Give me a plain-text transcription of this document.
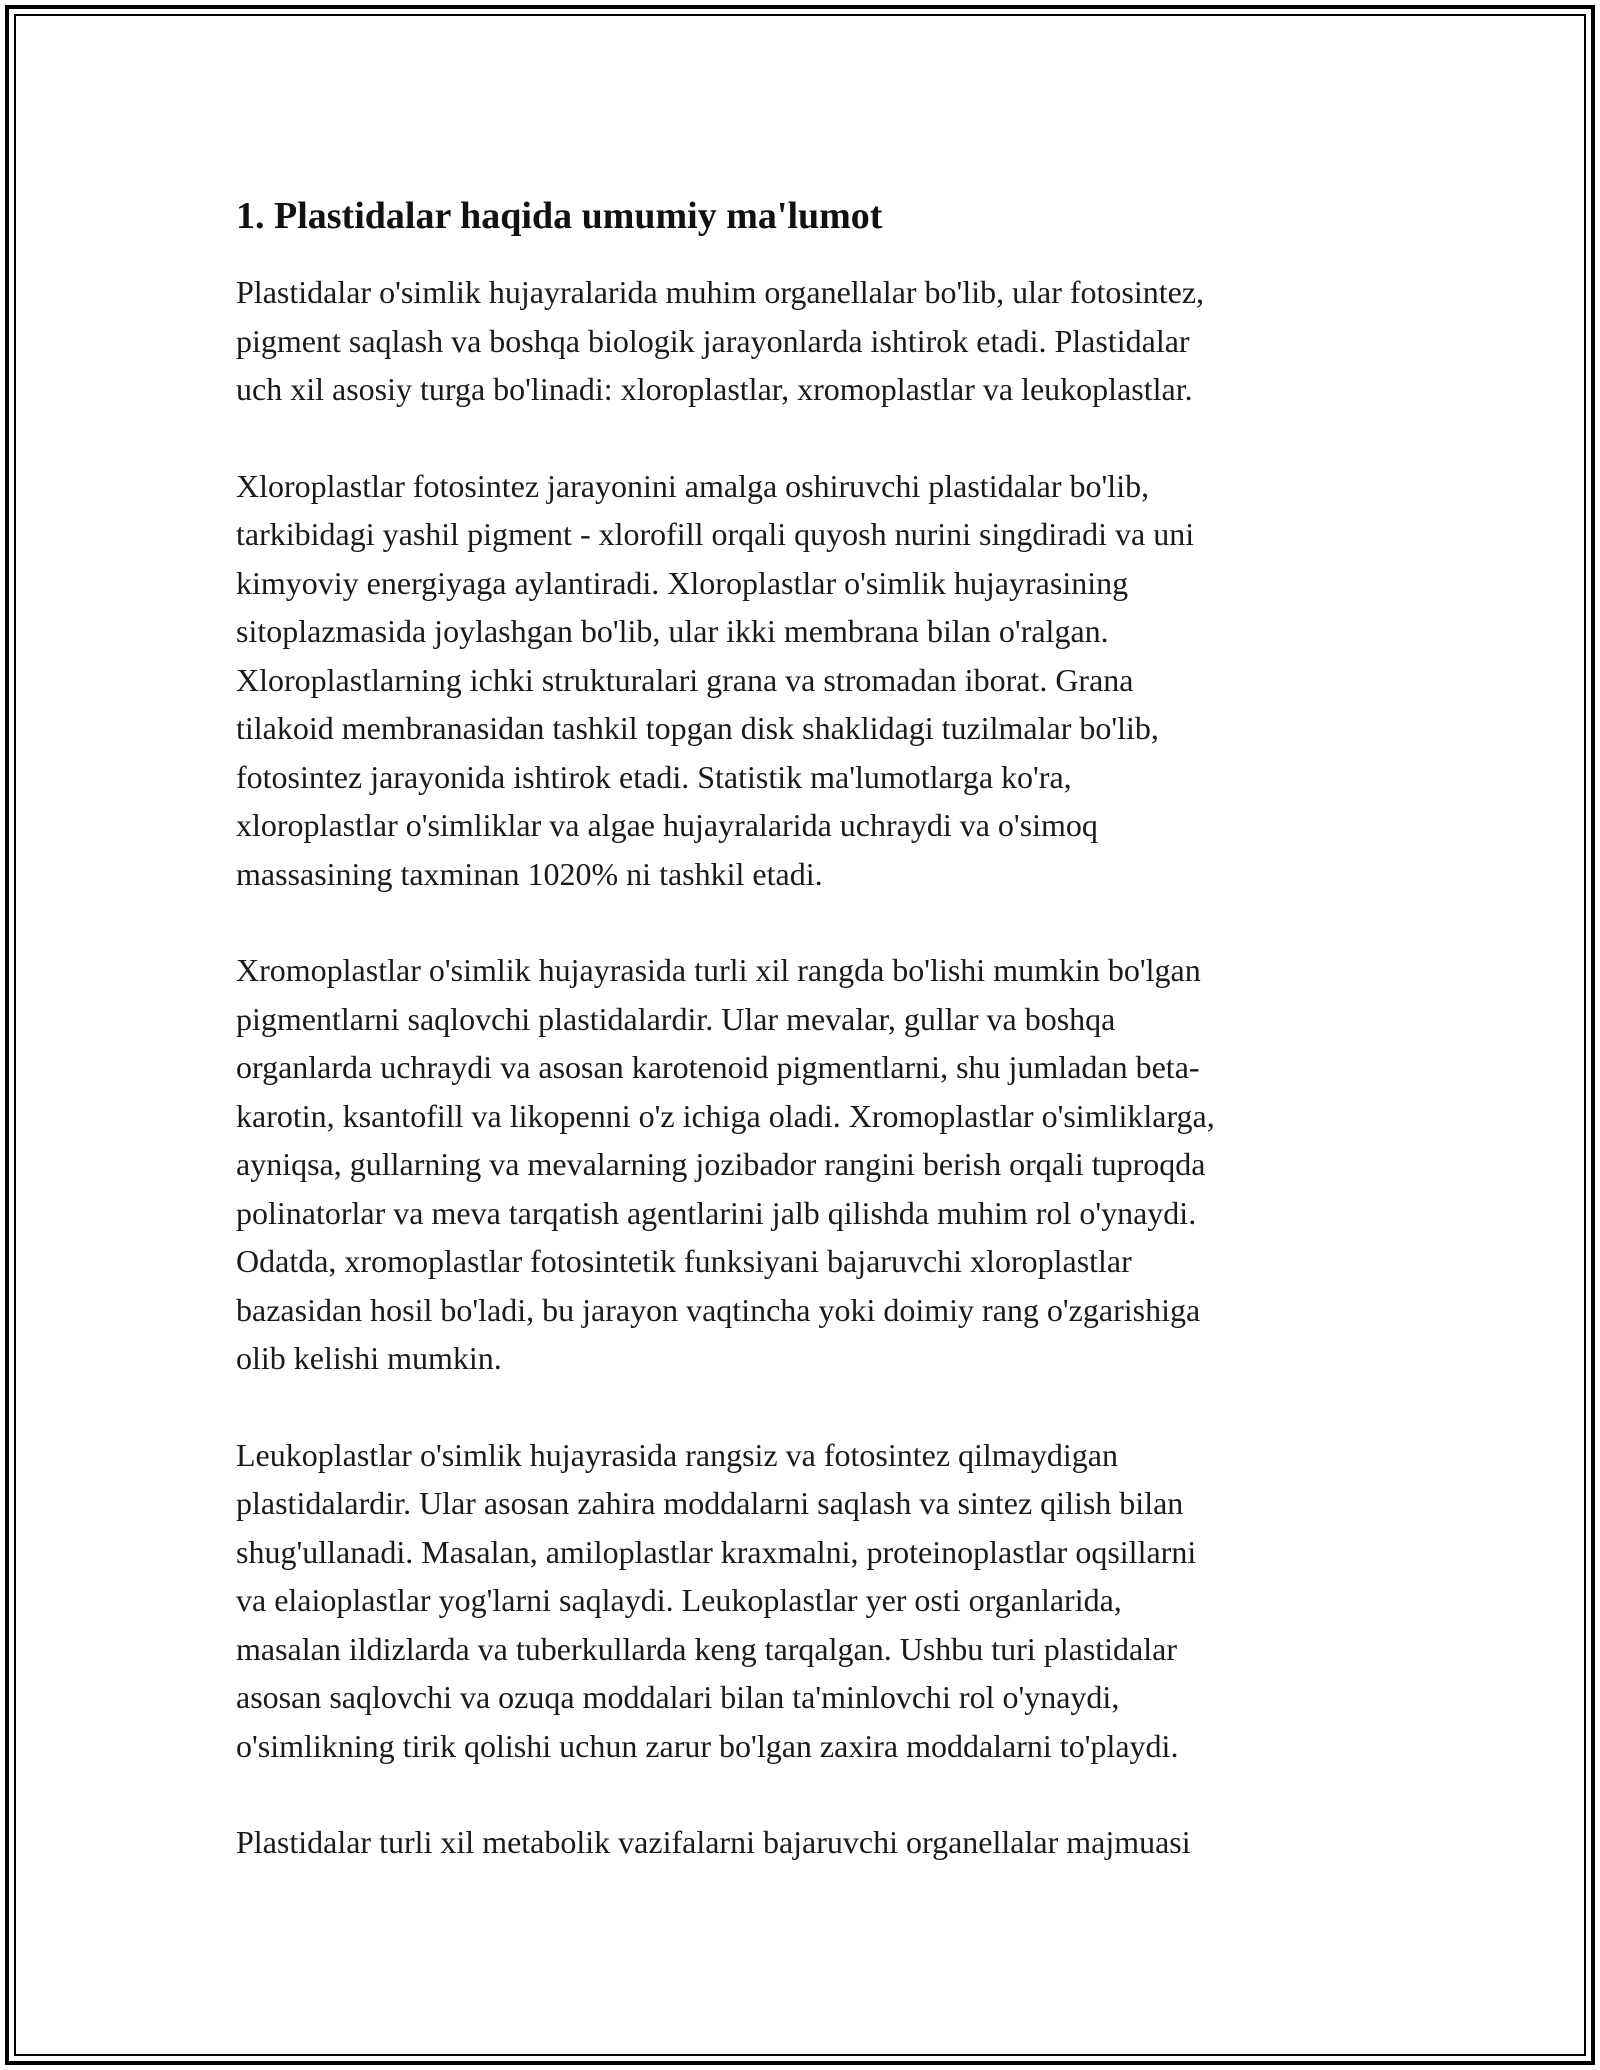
1. Plastidalar haqida umumiy ma'lumot

Plastidalar o'simlik hujayralarida muhim organellalar bo'lib, ular fotosintez,
pigment saqlash va boshqa biologik jarayonlarda ishtirok etadi. Plastidalar
uch xil asosiy turga bo'linadi: xloroplastlar, xromoplastlar va leukoplastlar.

Xloroplastlar fotosintez jarayonini amalga oshiruvchi plastidalar bo'lib,
tarkibidagi yashil pigment - xlorofill orqali quyosh nurini singdiradi va uni
kimyoviy energiyaga aylantiradi. Xloroplastlar o'simlik hujayrasining
sitoplazmasida joylashgan bo'lib, ular ikki membrana bilan o'ralgan.
Xloroplastlarning ichki strukturalari grana va stromadan iborat. Grana
tilakoid membranasidan tashkil topgan disk shaklidagi tuzilmalar bo'lib,
fotosintez jarayonida ishtirok etadi. Statistik ma'lumotlarga ko'ra,
xloroplastlar o'simliklar va algae hujayralarida uchraydi va o'simoq
massasining taxminan 1020% ni tashkil etadi.

Xromoplastlar o'simlik hujayrasida turli xil rangda bo'lishi mumkin bo'lgan
pigmentlarni saqlovchi plastidalardir. Ular mevalar, gullar va boshqa
organlarda uchraydi va asosan karotenoid pigmentlarni, shu jumladan beta-
karotin, ksantofill va likopenni o'z ichiga oladi. Xromoplastlar o'simliklarga,
ayniqsa, gullarning va mevalarning jozibador rangini berish orqali tuproqda
polinatorlar va meva tarqatish agentlarini jalb qilishda muhim rol o'ynaydi.
Odatda, xromoplastlar fotosintetik funksiyani bajaruvchi xloroplastlar
bazasidan hosil bo'ladi, bu jarayon vaqtincha yoki doimiy rang o'zgarishiga
olib kelishi mumkin.

Leukoplastlar o'simlik hujayrasida rangsiz va fotosintez qilmaydigan
plastidalardir. Ular asosan zahira moddalarni saqlash va sintez qilish bilan
shug'ullanadi. Masalan, amiloplastlar kraxmalni, proteinoplastlar oqsillarni
va elaioplastlar yog'larni saqlaydi. Leukoplastlar yer osti organlarida,
masalan ildizlarda va tuberkullarda keng tarqalgan. Ushbu turi plastidalar
asosan saqlovchi va ozuqa moddalari bilan ta'minlovchi rol o'ynaydi,
o'simlikning tirik qolishi uchun zarur bo'lgan zaxira moddalarni to'playdi.

Plastidalar turli xil metabolik vazifalarni bajaruvchi organellalar majmuasi
